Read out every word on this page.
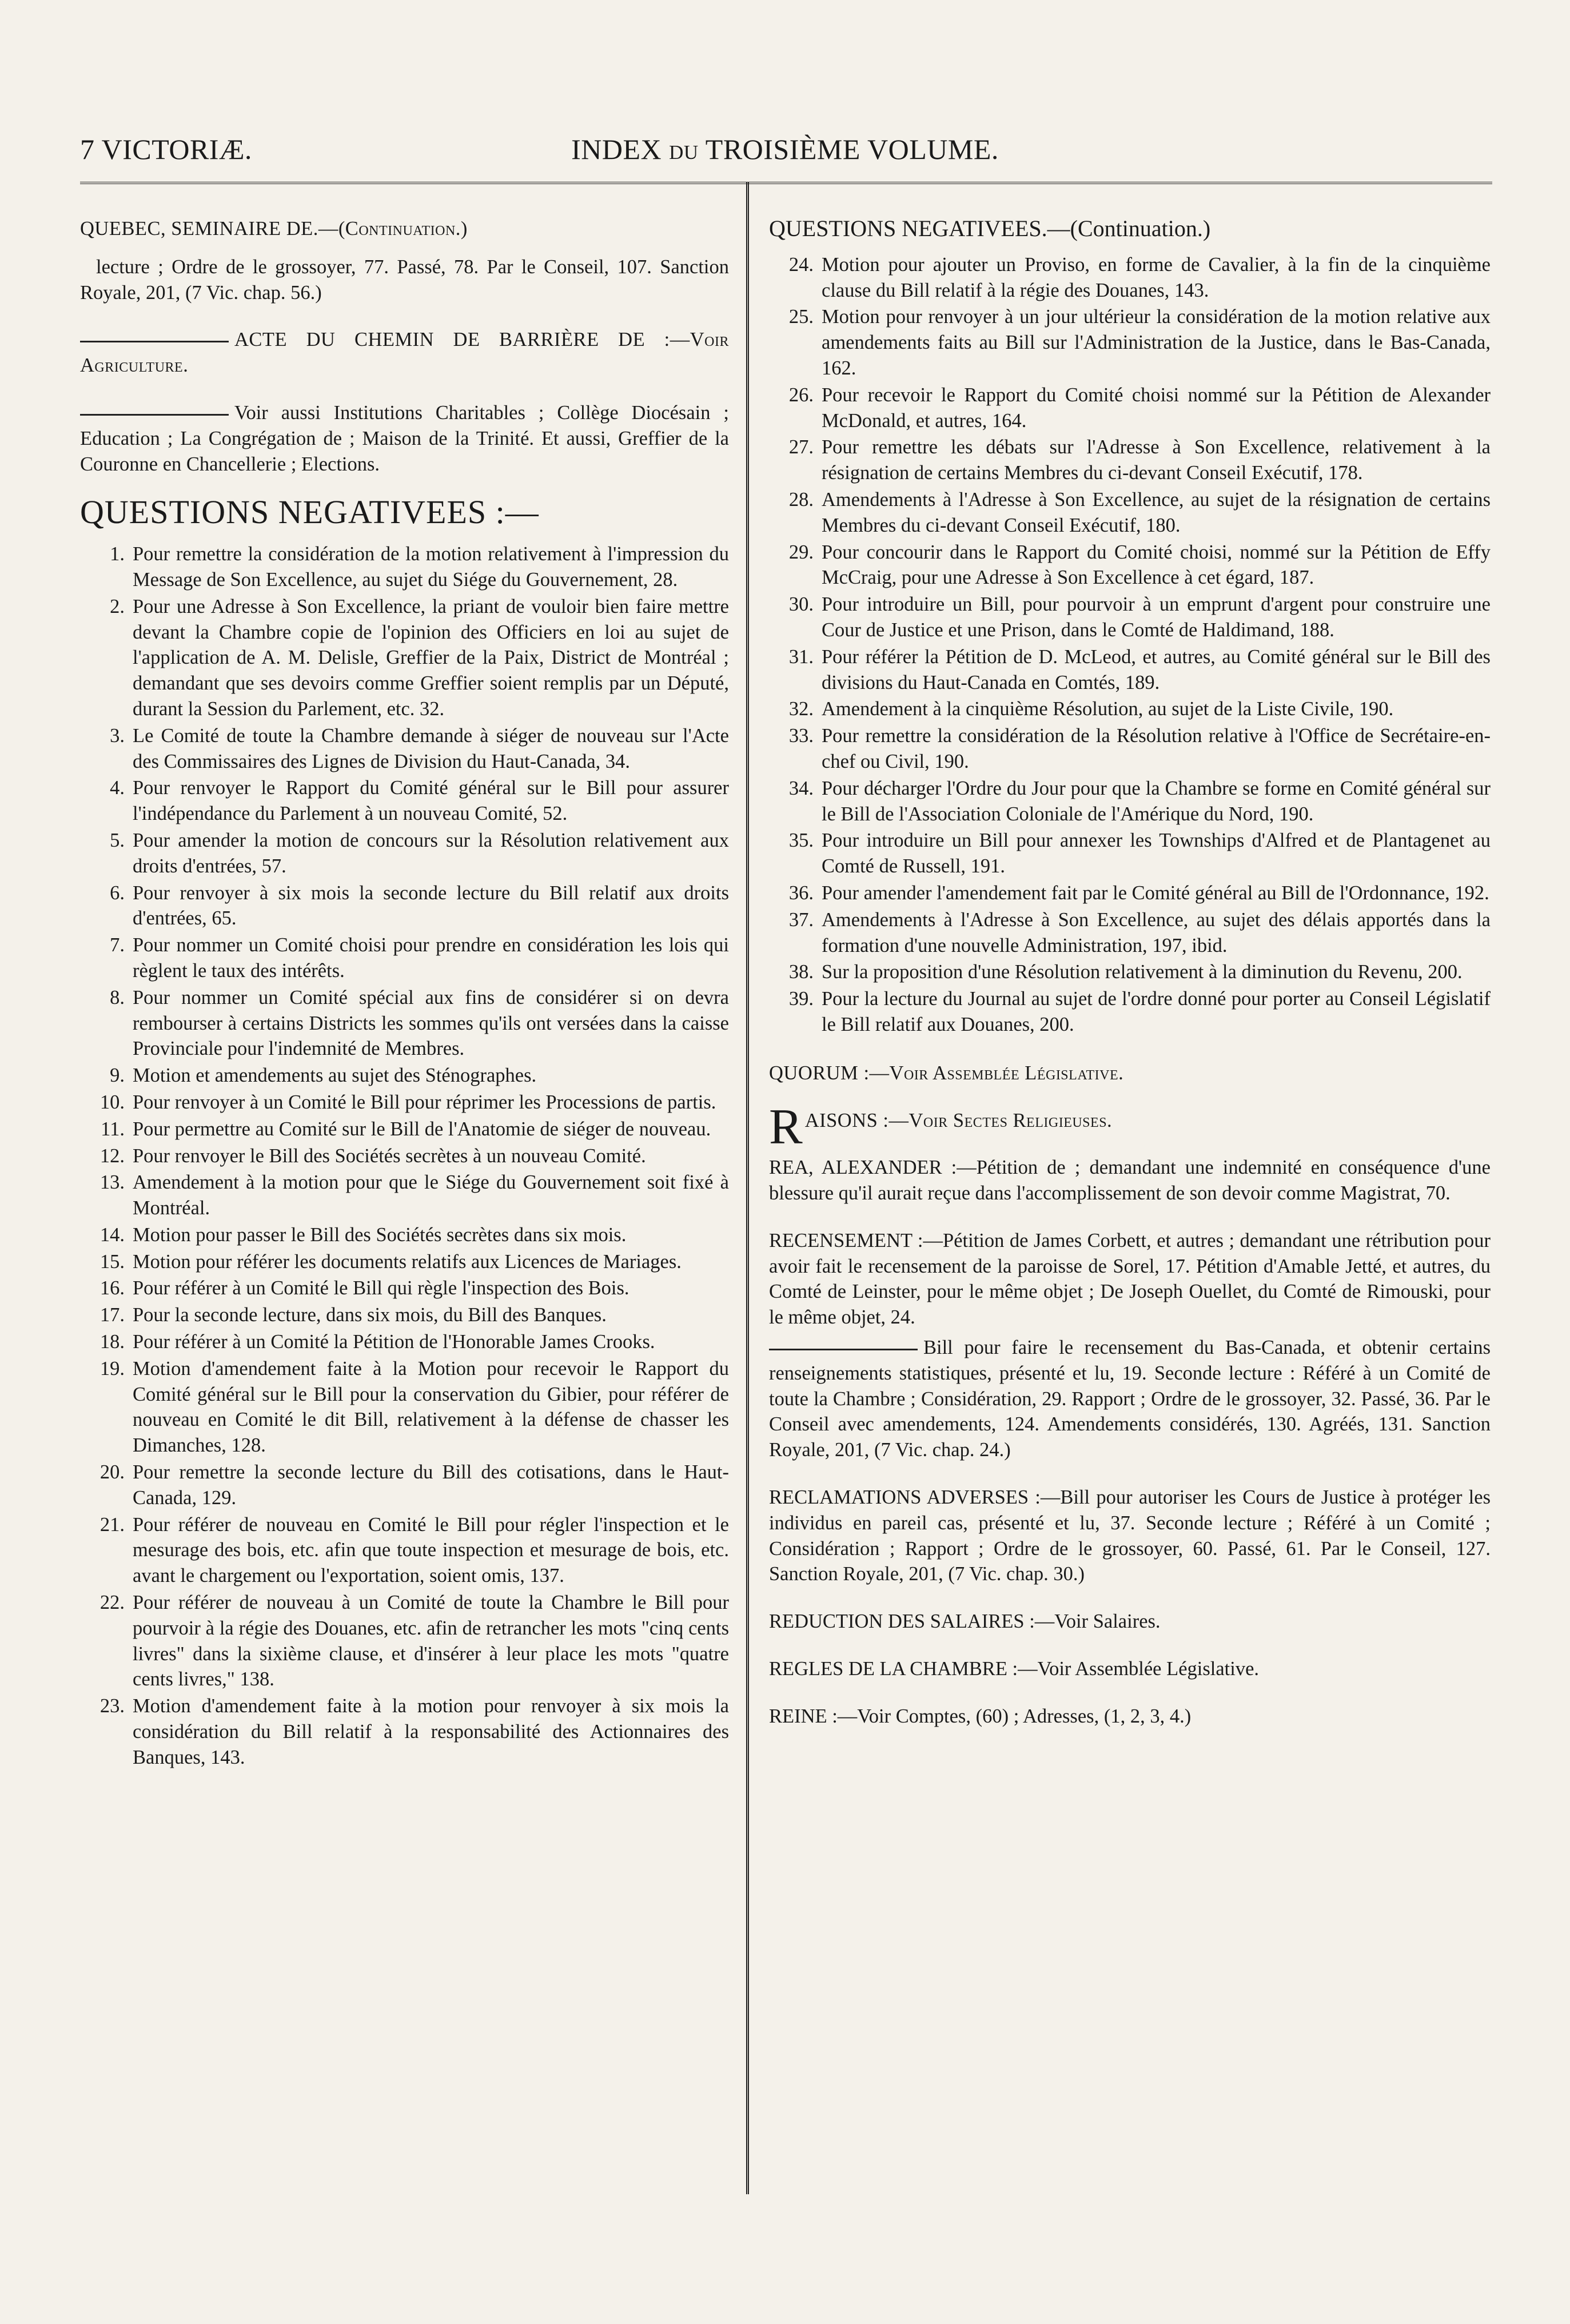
7 VICTORIÆ.	INDEX du TROISIÈME VOLUME.

QUEBEC, SEMINAIRE DE.—(Continuation.)

lecture ; Ordre de le grossoyer, 77. Passé, 78. Par le Conseil, 107. Sanction Royale, 201, (7 Vic. chap. 56.)

ACTE DU CHEMIN DE BARRIÈRE DE :—Voir Agriculture.

Voir aussi Institutions Charitables ; Collège Diocésain ; Education ; La Congrégation de ; Maison de la Trinité. Et aussi, Greffier de la Couronne en Chancellerie ; Elections.

QUESTIONS NEGATIVEES :—
1. Pour remettre la considération de la motion relativement à l'impression du Message de Son Excellence, au sujet du Siége du Gouvernement, 28.
2. Pour une Adresse à Son Excellence, la priant de vouloir bien faire mettre devant la Chambre copie de l'opinion des Officiers en loi au sujet de l'application de A. M. Delisle, Greffier de la Paix, District de Montréal ; demandant que ses devoirs comme Greffier soient remplis par un Député, durant la Session du Parlement, etc. 32.
3. Le Comité de toute la Chambre demande à siéger de nouveau sur l'Acte des Commissaires des Lignes de Division du Haut-Canada, 34.
4. Pour renvoyer le Rapport du Comité général sur le Bill pour assurer l'indépendance du Parlement à un nouveau Comité, 52.
5. Pour amender la motion de concours sur la Résolution relativement aux droits d'entrées, 57.
6. Pour renvoyer à six mois la seconde lecture du Bill relatif aux droits d'entrées, 65.
7. Pour nommer un Comité choisi pour prendre en considération les lois qui règlent le taux des intérêts.
8. Pour nommer un Comité spécial aux fins de considérer si on devra rembourser à certains Districts les sommes qu'ils ont versées dans la caisse Provinciale pour l'indemnité de Membres.
9. Motion et amendements au sujet des Sténographes.
10. Pour renvoyer à un Comité le Bill pour réprimer les Processions de partis.
11. Pour permettre au Comité sur le Bill de l'Anatomie de siéger de nouveau.
12. Pour renvoyer le Bill des Sociétés secrètes à un nouveau Comité.
13. Amendement à la motion pour que le Siége du Gouvernement soit fixé à Montréal.
14. Motion pour passer le Bill des Sociétés secrètes dans six mois.
15. Motion pour référer les documents relatifs aux Licences de Mariages.
16. Pour référer à un Comité le Bill qui règle l'inspection des Bois.
17. Pour la seconde lecture, dans six mois, du Bill des Banques.
18. Pour référer à un Comité la Pétition de l'Honorable James Crooks.
19. Motion d'amendement faite à la Motion pour recevoir le Rapport du Comité général sur le Bill pour la conservation du Gibier, pour référer de nouveau en Comité le dit Bill, relativement à la défense de chasser les Dimanches, 128.
20. Pour remettre la seconde lecture du Bill des cotisations, dans le Haut-Canada, 129.
21. Pour référer de nouveau en Comité le Bill pour régler l'inspection et le mesurage des bois, etc. afin que toute inspection et mesurage de bois, etc. avant le chargement ou l'exportation, soient omis, 137.
22. Pour référer de nouveau à un Comité de toute la Chambre le Bill pour pourvoir à la régie des Douanes, etc. afin de retrancher les mots "cinq cents livres" dans la sixième clause, et d'insérer à leur place les mots "quatre cents livres," 138.
23. Motion d'amendement faite à la motion pour renvoyer à six mois la considération du Bill relatif à la responsabilité des Actionnaires des Banques, 143.
QUESTIONS NEGATIVEES.—(Continuation.)
24. Motion pour ajouter un Proviso, en forme de Cavalier, à la fin de la cinquième clause du Bill relatif à la régie des Douanes, 143.
25. Motion pour renvoyer à un jour ultérieur la considération de la motion relative aux amendements faits au Bill sur l'Administration de la Justice, dans le Bas-Canada, 162.
26. Pour recevoir le Rapport du Comité choisi nommé sur la Pétition de Alexander McDonald, et autres, 164.
27. Pour remettre les débats sur l'Adresse à Son Excellence, relativement à la résignation de certains Membres du ci-devant Conseil Exécutif, 178.
28. Amendements à l'Adresse à Son Excellence, au sujet de la résignation de certains Membres du ci-devant Conseil Exécutif, 180.
29. Pour concourir dans le Rapport du Comité choisi, nommé sur la Pétition de Effy McCraig, pour une Adresse à Son Excellence à cet égard, 187.
30. Pour introduire un Bill, pour pourvoir à un emprunt d'argent pour construire une Cour de Justice et une Prison, dans le Comté de Haldimand, 188.
31. Pour référer la Pétition de D. McLeod, et autres, au Comité général sur le Bill des divisions du Haut-Canada en Comtés, 189.
32. Amendement à la cinquième Résolution, au sujet de la Liste Civile, 190.
33. Pour remettre la considération de la Résolution relative à l'Office de Secrétaire-en-chef ou Civil, 190.
34. Pour décharger l'Ordre du Jour pour que la Chambre se forme en Comité général sur le Bill de l'Association Coloniale de l'Amérique du Nord, 190.
35. Pour introduire un Bill pour annexer les Townships d'Alfred et de Plantagenet au Comté de Russell, 191.
36. Pour amender l'amendement fait par le Comité général au Bill de l'Ordonnance, 192.
37. Amendements à l'Adresse à Son Excellence, au sujet des délais apportés dans la formation d'une nouvelle Administration, 197, ibid.
38. Sur la proposition d'une Résolution relativement à la diminution du Revenu, 200.
39. Pour la lecture du Journal au sujet de l'ordre donné pour porter au Conseil Législatif le Bill relatif aux Douanes, 200.

QUORUM :—Voir Assemblée Législative.

RAISONS :—Voir Sectes Religieuses.

REA, ALEXANDER :—Pétition de ; demandant une indemnité en conséquence d'une blessure qu'il aurait reçue dans l'accomplissement de son devoir comme Magistrat, 70.

RECENSEMENT :—Pétition de James Corbett, et autres ; demandant une rétribution pour avoir fait le recensement de la paroisse de Sorel, 17. Pétition d'Amable Jetté, et autres, du Comté de Leinster, pour le même objet ; De Joseph Ouellet, du Comté de Rimouski, pour le même objet, 24.

Bill pour faire le recensement du Bas-Canada, et obtenir certains renseignements statistiques, présenté et lu, 19. Seconde lecture : Référé à un Comité de toute la Chambre ; Considération, 29. Rapport ; Ordre de le grossoyer, 32. Passé, 36. Par le Conseil avec amendements, 124. Amendements considérés, 130. Agréés, 131. Sanction Royale, 201, (7 Vic. chap. 24.)

RECLAMATIONS ADVERSES :—Bill pour autoriser les Cours de Justice à protéger les individus en pareil cas, présenté et lu, 37. Seconde lecture ; Référé à un Comité ; Considération ; Rapport ; Ordre de le grossoyer, 60. Passé, 61. Par le Conseil, 127. Sanction Royale, 201, (7 Vic. chap. 30.)

REDUCTION DES SALAIRES :—Voir Salaires.

REGLES DE LA CHAMBRE :—Voir Assemblée Législative.

REINE :—Voir Comptes, (60) ; Adresses, (1, 2, 3, 4.)
